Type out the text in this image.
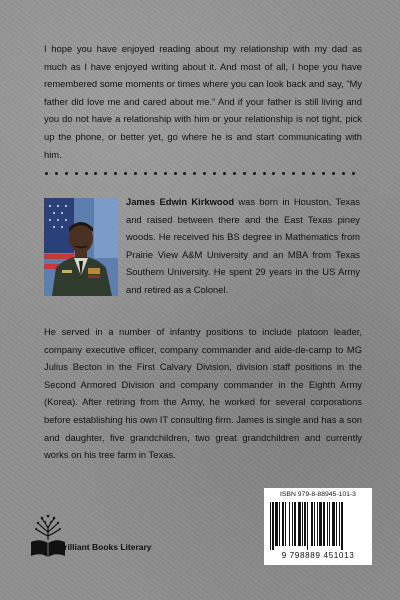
I hope you have enjoyed reading about my relationship with my dad as much as I have enjoyed writing about it. And most of all, I hope you have remembered some moments or times where you can look back and say, “My father did love me and cared about me.” And if your father is still living and you do not have a relationship with him or your relationship is not tight, pick up the phone, or better yet, go where he is and start communicating with him.

James Edwin Kirkwood was born in Houston, Texas and raised between there and the East Texas piney woods. He received his BS degree in Mathematics from Prairie View A&M University and an MBA from Texas Southern University. He spent 29 years in the US Army and retired as a Colonel.

He served in a number of infantry positions to include platoon leader, company executive officer, company commander and aide-de-camp to MG Julius Becton in the First Calvary Division, division staff positions in the Second Armored Division and company commander in the Eighth Army (Korea). After retiring from the Army, he worked for several corporations before establishing his own IT consulting firm. James is single and has a son and daughter, five grandchildren, two great grandchildren and currently works on his tree farm in Texas.

Brilliant Books Literary
ISBN 979-8-88945-101-3
9 798889 451013
